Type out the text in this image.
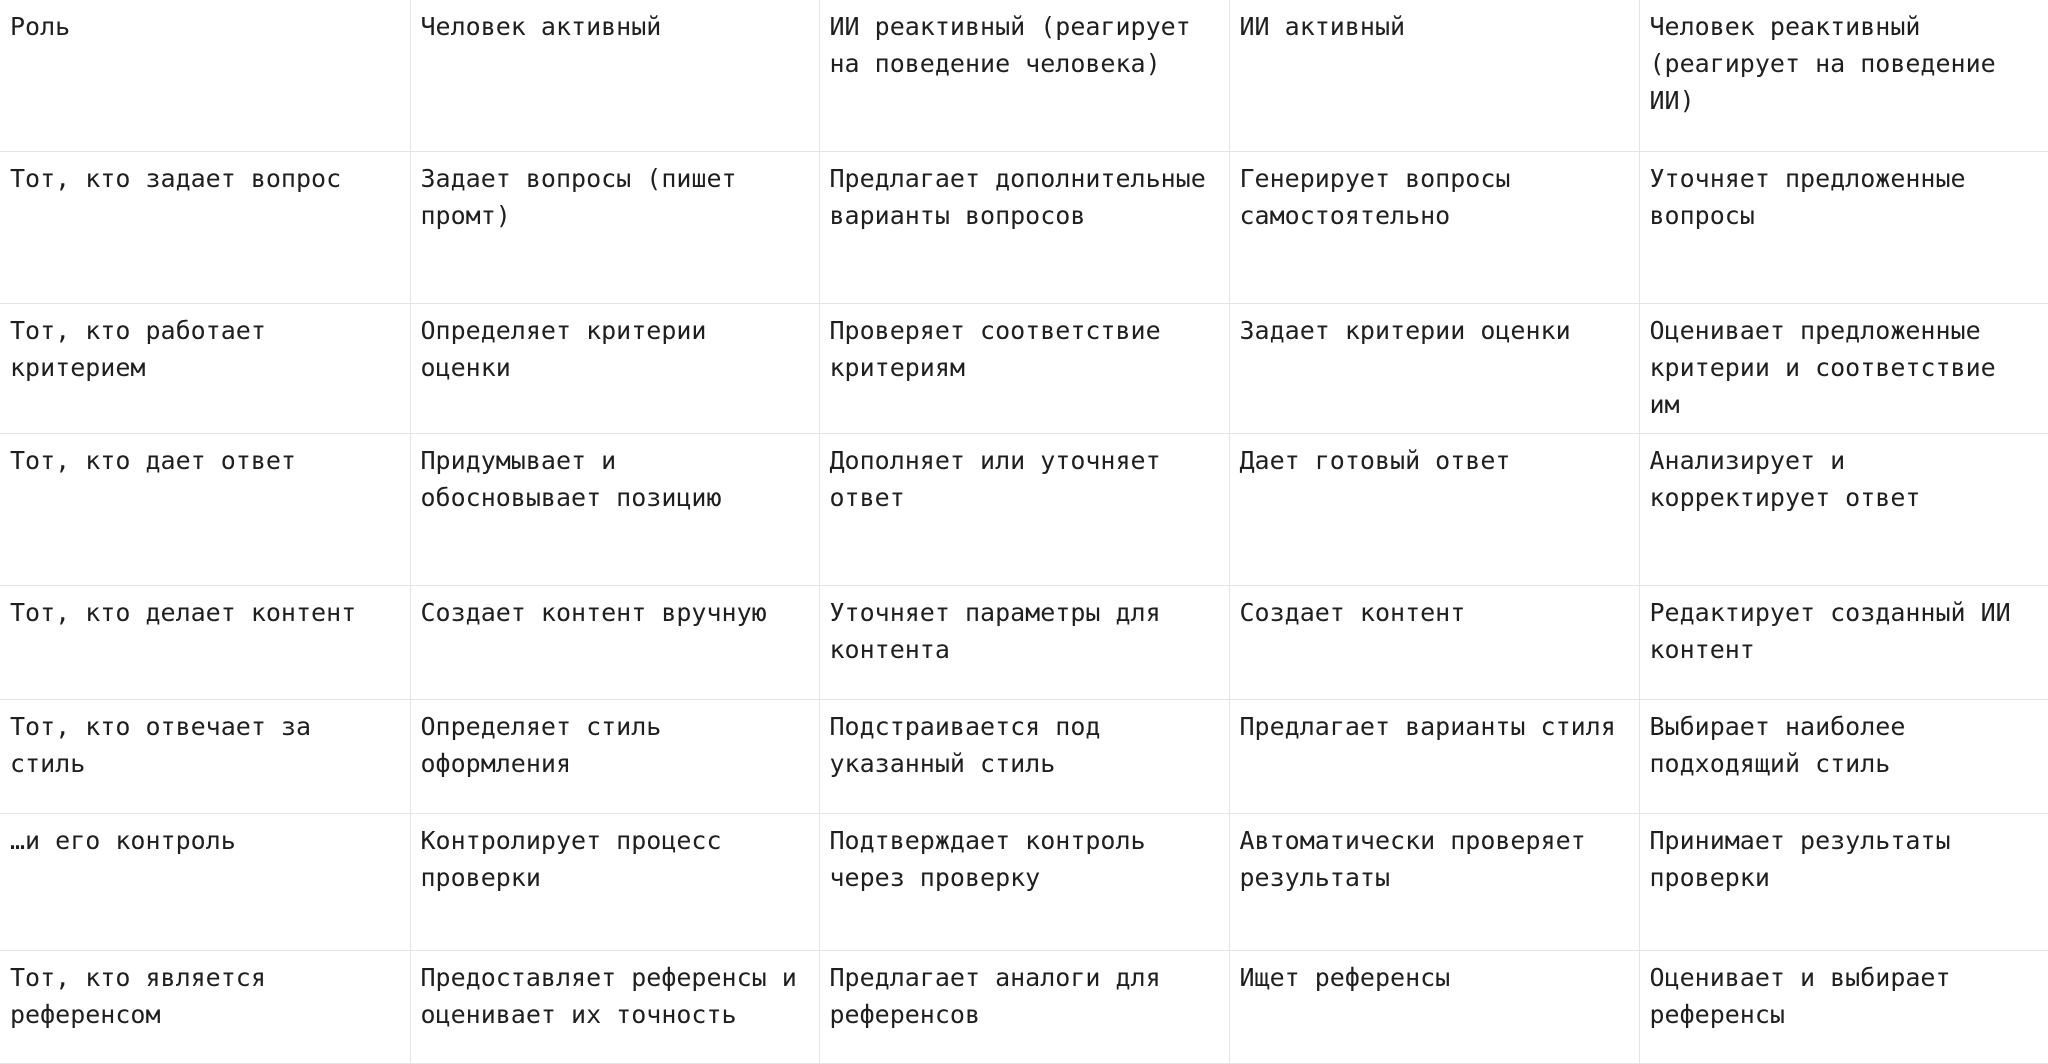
Роль	Человек активный	ИИ реактивный (реагирует на поведение человека)	ИИ активный	Человек реактивный (реагирует на поведение ИИ)
Тот, кто задает вопрос	Задает вопросы (пишет промт)	Предлагает дополнительные варианты вопросов	Генерирует вопросы самостоятельно	Уточняет предложенные вопросы
Тот, кто работает критерием	Определяет критерии оценки	Проверяет соответствие критериям	Задает критерии оценки	Оценивает предложенные критерии и соответствие им
Тот, кто дает ответ	Придумывает и обосновывает позицию	Дополняет или уточняет ответ	Дает готовый ответ	Анализирует и корректирует ответ
Тот, кто делает контент	Создает контент вручную	Уточняет параметры для контента	Создает контент	Редактирует созданный ИИ контент
Тот, кто отвечает за стиль	Определяет стиль оформления	Подстраивается под указанный стиль	Предлагает варианты стиля	Выбирает наиболее подходящий стиль
…и его контроль	Контролирует процесс проверки	Подтверждает контроль через проверку	Автоматически проверяет результаты	Принимает результаты проверки
Тот, кто является референсом	Предоставляет референсы и оценивает их точность	Предлагает аналоги для референсов	Ищет референсы	Оценивает и выбирает референсы
